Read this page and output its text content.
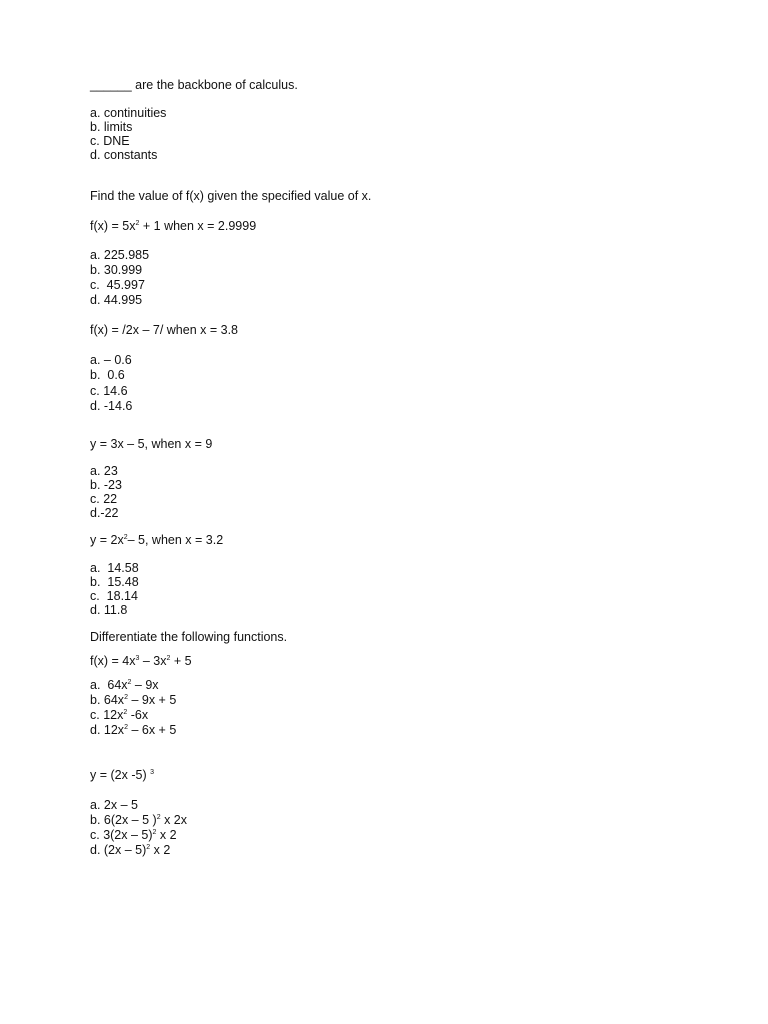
______ are the backbone of calculus.

a. continuities

b. limits

c. DNE

d. constants

Find the value of f(x) given the specified value of x.

$f(x) = 5x^2 + 1$ when x = 2.9999

a. 225.985

b. 30.999

c.  45.997

d. 44.995

f(x) = /2x – 7/ when x = 3.8

a. – 0.6

b.  0.6

c. 14.6

d. -14.6

y = 3x – 5, when x = 9

a. 23

b. -23

c. 22

d.-22

$y = 2x^2-$ 5, when x = 3.2

a.  14.58

b.  15.48

c.  18.14

d. 11.8

Differentiate the following functions.

$f(x) = 4x^3 - 3x^2 + 5$

a.  $64x^2 - 9x$

b. $64x^2 - 9x + 5$

c. $12x^2$ -6x

d. $12x^2 - 6x + 5$

y = (2x -5) $^3$

a. 2x – 5

b. 6(2x – 5 )$^2$ x 2x

c. 3(2x – 5)$^2$ x 2

d. (2x – 5)$^2$ x 2
